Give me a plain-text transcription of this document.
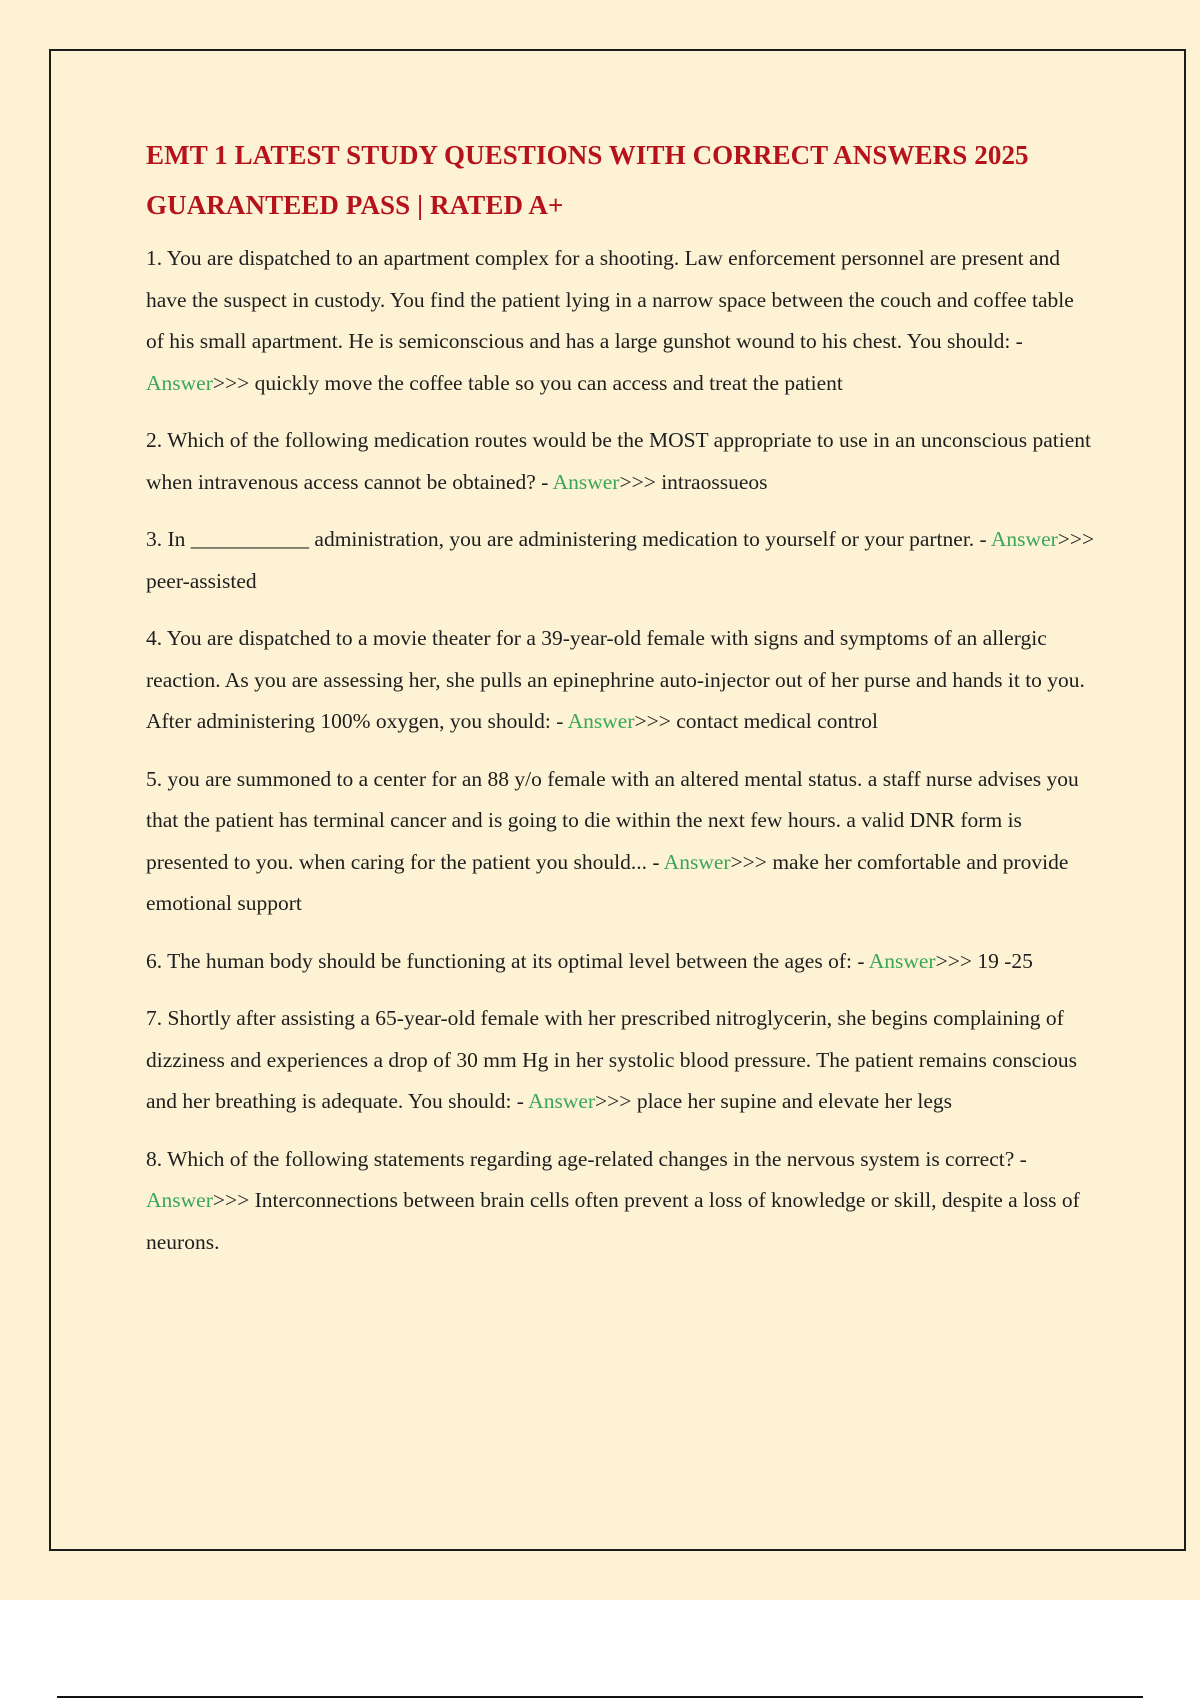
EMT 1 LATEST STUDY QUESTIONS WITH CORRECT ANSWERS 2025 GUARANTEED PASS | RATED A+

1. You are dispatched to an apartment complex for a shooting. Law enforcement personnel are present and have the suspect in custody. You find the patient lying in a narrow space between the couch and coffee table of his small apartment. He is semiconscious and has a large gunshot wound to his chest. You should: - Answer>>> quickly move the coffee table so you can access and treat the patient

2. Which of the following medication routes would be the MOST appropriate to use in an unconscious patient when intravenous access cannot be obtained? - Answer>>> intraossueos

3. In ___________ administration, you are administering medication to yourself or your partner. - Answer>>> peer-assisted

4. You are dispatched to a movie theater for a 39-year-old female with signs and symptoms of an allergic reaction. As you are assessing her, she pulls an epinephrine auto-injector out of her purse and hands it to you. After administering 100% oxygen, you should: - Answer>>> contact medical control

5. you are summoned to a center for an 88 y/o female with an altered mental status. a staff nurse advises you that the patient has terminal cancer and is going to die within the next few hours. a valid DNR form is presented to you. when caring for the patient you should... - Answer>>> make her comfortable and provide emotional support

6. The human body should be functioning at its optimal level between the ages of: - Answer>>> 19 -25

7. Shortly after assisting a 65-year-old female with her prescribed nitroglycerin, she begins complaining of dizziness and experiences a drop of 30 mm Hg in her systolic blood pressure. The patient remains conscious and her breathing is adequate. You should: - Answer>>> place her supine and elevate her legs

8. Which of the following statements regarding age-related changes in the nervous system is correct? - Answer>>> Interconnections between brain cells often prevent a loss of knowledge or skill, despite a loss of neurons.
